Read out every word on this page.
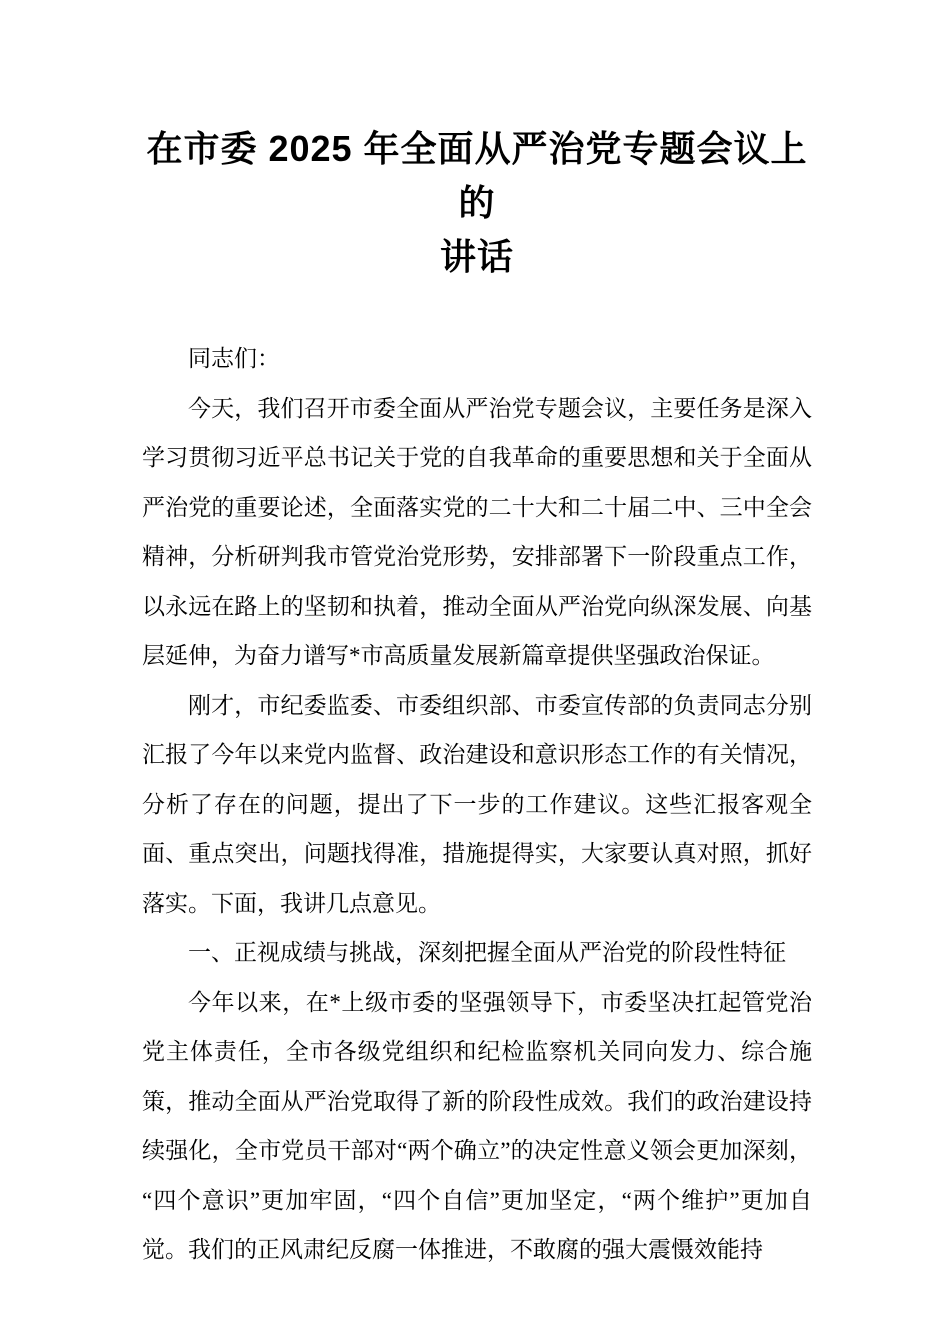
在市委 2025 年全面从严治党专题会议上的
讲话

同志们：

今天，我们召开市委全面从严治党专题会议，主要任务是深入学习贯彻习近平总书记关于党的自我革命的重要思想和关于全面从严治党的重要论述，全面落实党的二十大和二十届二中、三中全会精神，分析研判我市管党治党形势，安排部署下一阶段重点工作，以永远在路上的坚韧和执着，推动全面从严治党向纵深发展、向基层延伸，为奋力谱写*市高质量发展新篇章提供坚强政治保证。

刚才，市纪委监委、市委组织部、市委宣传部的负责同志分别汇报了今年以来党内监督、政治建设和意识形态工作的有关情况，分析了存在的问题，提出了下一步的工作建议。这些汇报客观全面、重点突出，问题找得准，措施提得实，大家要认真对照，抓好落实。下面，我讲几点意见。

一、正视成绩与挑战，深刻把握全面从严治党的阶段性特征

今年以来，在*上级市委的坚强领导下，市委坚决扛起管党治党主体责任，全市各级党组织和纪检监察机关同向发力、综合施策，推动全面从严治党取得了新的阶段性成效。我们的政治建设持续强化，全市党员干部对“两个确立”的决定性意义领会更加深刻，“四个意识”更加牢固，“四个自信”更加坚定，“两个维护”更加自觉。我们的正风肃纪反腐一体推进，不敢腐的强大震慑效能持
